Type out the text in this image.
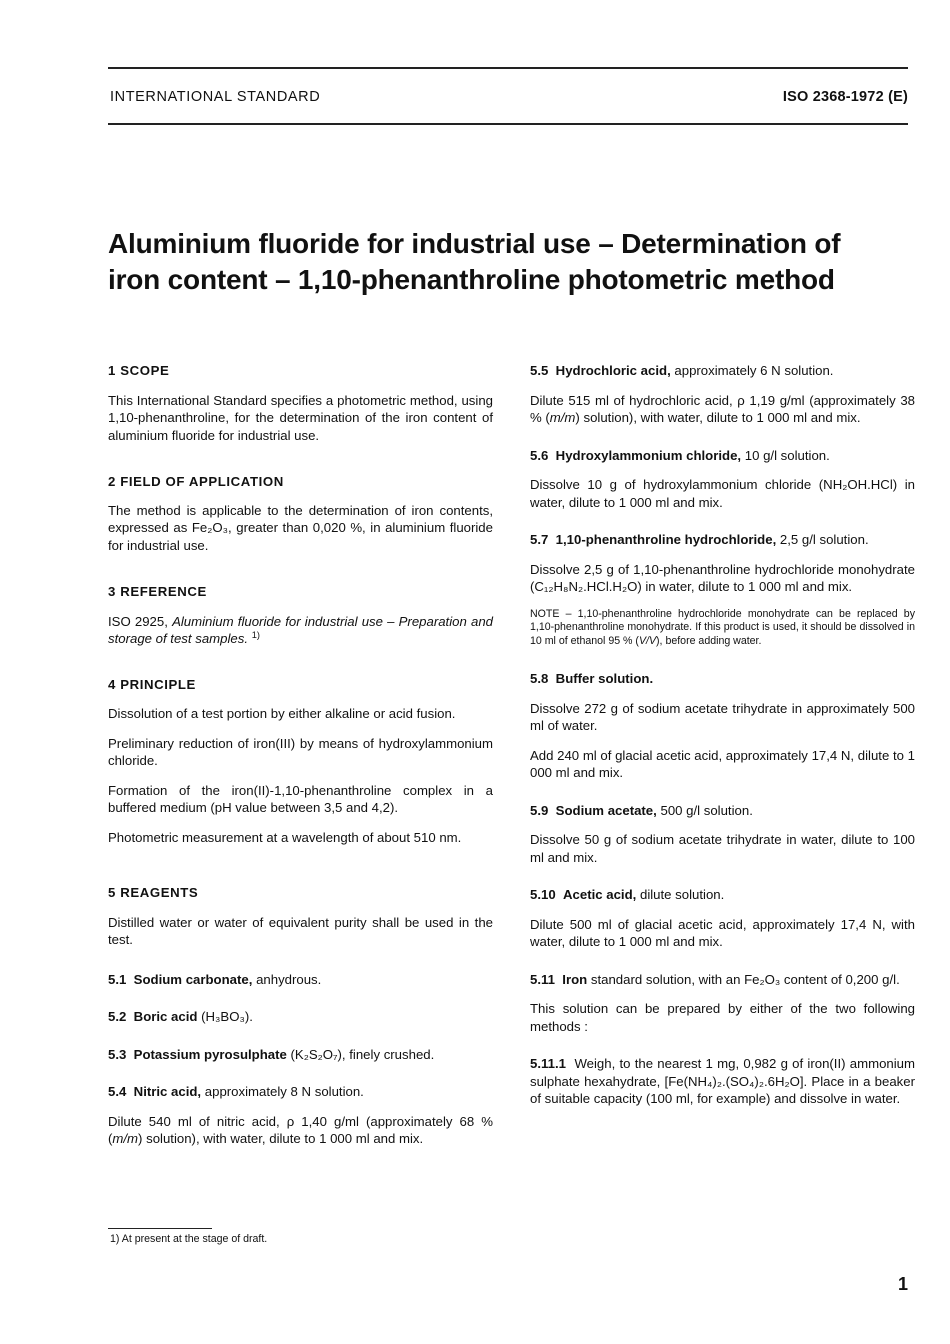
INTERNATIONAL STANDARD	ISO 2368-1972 (E)
Aluminium fluoride for industrial use – Determination of
iron content – 1,10-phenanthroline photometric method

1 SCOPE

This International Standard specifies a photometric method, using 1,10-phenanthroline, for the determination of the iron content of aluminium fluoride for industrial use.

2 FIELD OF APPLICATION

The method is applicable to the determination of iron contents, expressed as Fe₂O₃, greater than 0,020 %, in aluminium fluoride for industrial use.

3 REFERENCE

ISO 2925, Aluminium fluoride for industrial use – Preparation and storage of test samples. $^{1)}$

4 PRINCIPLE

Dissolution of a test portion by either alkaline or acid fusion.

Preliminary reduction of iron(III) by means of hydroxylammonium chloride.

Formation of the iron(II)-1,10-phenanthroline complex in a buffered medium (pH value between 3,5 and 4,2).

Photometric measurement at a wavelength of about 510 nm.

5 REAGENTS

Distilled water or water of equivalent purity shall be used in the test.

5.1 Sodium carbonate, anhydrous.

5.2 Boric acid (H₃BO₃).

5.3 Potassium pyrosulphate (K₂S₂O₇), finely crushed.

5.4 Nitric acid, approximately 8 N solution.

Dilute 540 ml of nitric acid, ρ 1,40 g/ml (approximately 68 % (m/m) solution), with water, dilute to 1 000 ml and mix.

5.5 Hydrochloric acid, approximately 6 N solution.

Dilute 515 ml of hydrochloric acid, ρ 1,19 g/ml (approximately 38 % (m/m) solution), with water, dilute to 1 000 ml and mix.

5.6 Hydroxylammonium chloride, 10 g/l solution.

Dissolve 10 g of hydroxylammonium chloride (NH₂OH.HCl) in water, dilute to 1 000 ml and mix.

5.7 1,10-phenanthroline hydrochloride, 2,5 g/l solution.

Dissolve 2,5 g of 1,10-phenanthroline hydrochloride monohydrate (C₁₂H₈N₂.HCl.H₂O) in water, dilute to 1 000 ml and mix.

NOTE – 1,10-phenanthroline hydrochloride monohydrate can be replaced by 1,10-phenanthroline monohydrate. If this product is used, it should be dissolved in 10 ml of ethanol 95 % (V/V), before adding water.

5.8 Buffer solution.

Dissolve 272 g of sodium acetate trihydrate in approximately 500 ml of water.

Add 240 ml of glacial acetic acid, approximately 17,4 N, dilute to 1 000 ml and mix.

5.9 Sodium acetate, 500 g/l solution.

Dissolve 50 g of sodium acetate trihydrate in water, dilute to 100 ml and mix.

5.10 Acetic acid, dilute solution.

Dilute 500 ml of glacial acetic acid, approximately 17,4 N, with water, dilute to 1 000 ml and mix.

5.11 Iron standard solution, with an Fe₂O₃ content of 0,200 g/l.

This solution can be prepared by either of the two following methods :

5.11.1 Weigh, to the nearest 1 mg, 0,982 g of iron(II) ammonium sulphate hexahydrate, [Fe(NH₄)₂.(SO₄)₂.6H₂O]. Place in a beaker of suitable capacity (100 ml, for example) and dissolve in water.

1) At present at the stage of draft.
1
